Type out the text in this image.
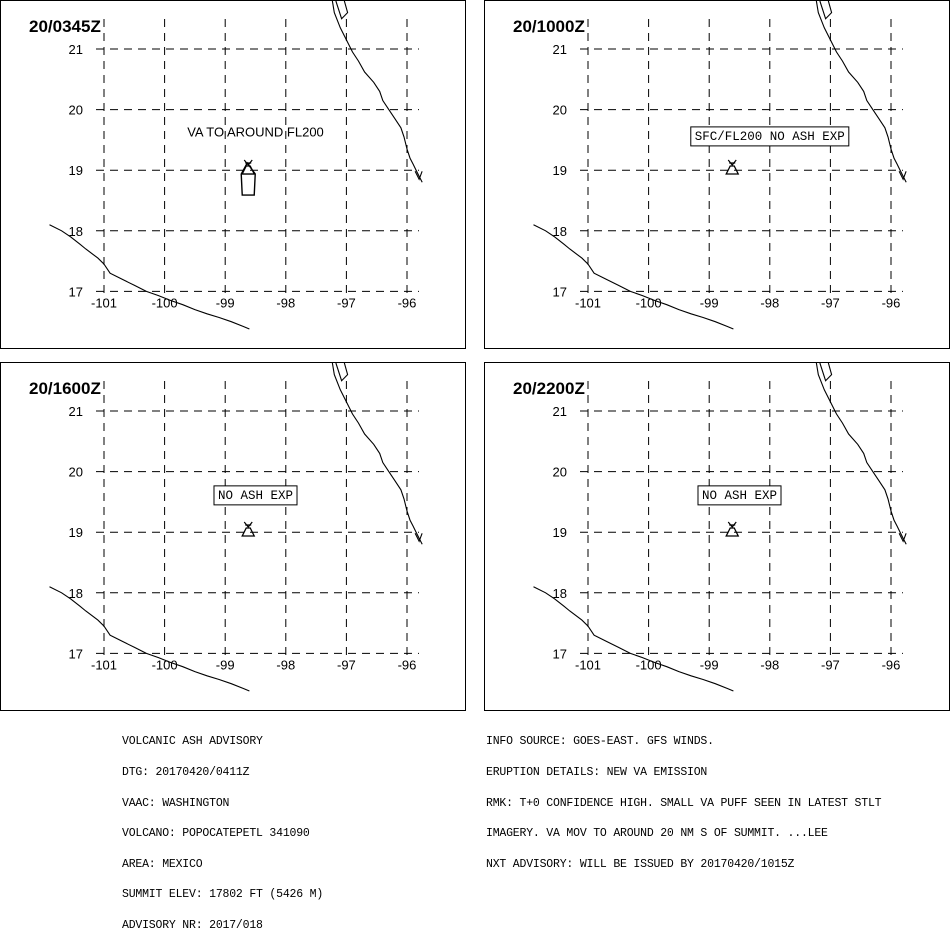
-101	-100	-99	-98	-97	-96
21
20
19
18
17
VA TO AROUND FL200
20/0345Z
-101	-100	-99	-98	-97	-96
21
20
19
18
17
SFC/FL200 NO ASH EXP
20/1000Z
-101	-100	-99	-98	-97	-96
21
20
19
18
17
NO ASH EXP
20/1600Z
-101	-100	-99	-98	-97	-96
21
20
19
18
17
NO ASH EXP
20/2200Z

VOLCANIC ASH ADVISORY

DTG: 20170420/0411Z

VAAC: WASHINGTON

VOLCANO: POPOCATEPETL 341090

AREA: MEXICO

SUMMIT ELEV: 17802 FT (5426 M)

ADVISORY NR: 2017/018

INFO SOURCE: GOES-EAST. GFS WINDS.

ERUPTION DETAILS: NEW VA EMISSION

RMK: T+0 CONFIDENCE HIGH. SMALL VA PUFF SEEN IN LATEST STLT

IMAGERY. VA MOV TO AROUND 20 NM S OF SUMMIT. ...LEE

NXT ADVISORY: WILL BE ISSUED BY 20170420/1015Z
